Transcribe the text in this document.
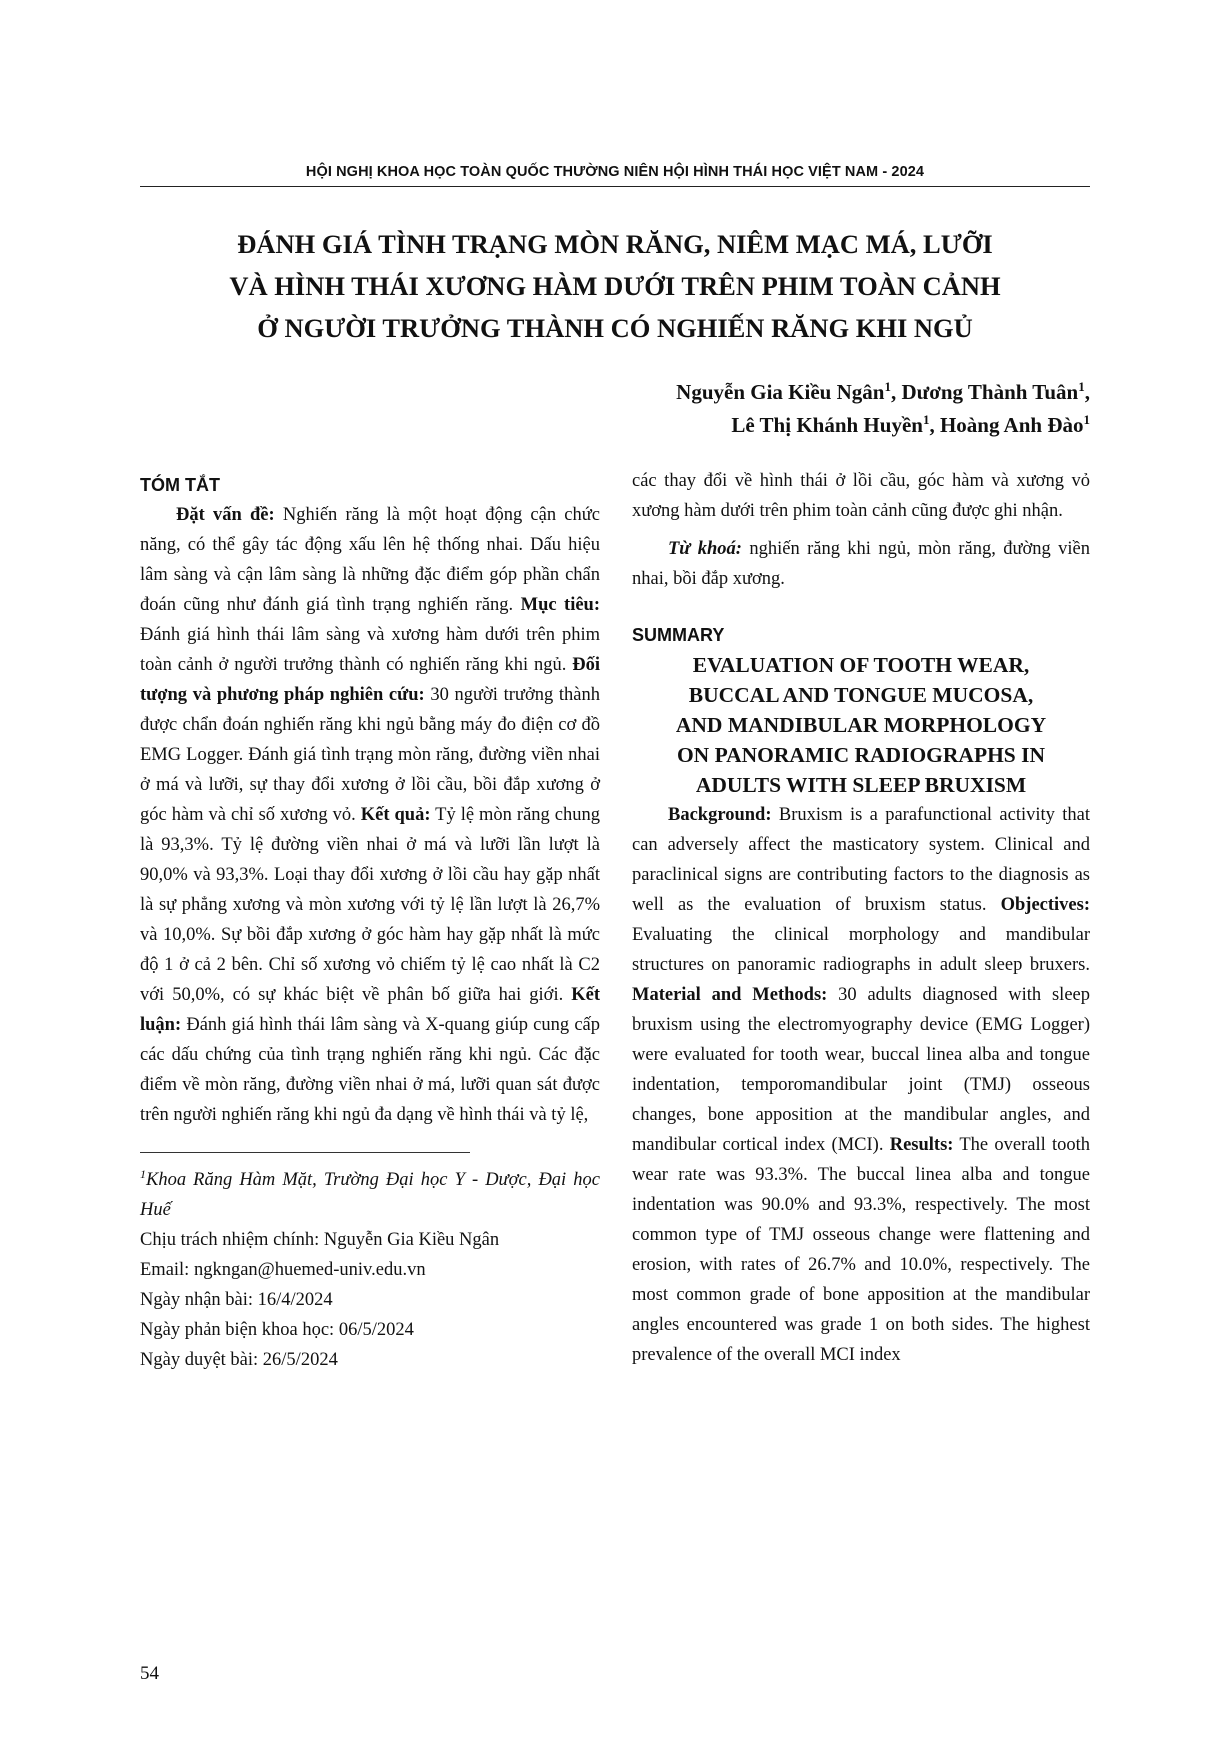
HỘI NGHỊ KHOA HỌC TOÀN QUỐC THƯỜNG NIÊN HỘI HÌNH THÁI HỌC VIỆT NAM - 2024
ĐÁNH GIÁ TÌNH TRẠNG MÒN RĂNG, NIÊM MẠC MÁ, LƯỠI
VÀ HÌNH THÁI XƯƠNG HÀM DƯỚI TRÊN PHIM TOÀN CẢNH
Ở NGƯỜI TRƯỞNG THÀNH CÓ NGHIẾN RĂNG KHI NGỦ
Nguyễn Gia Kiều Ngân$^1$, Dương Thành Tuân$^1$,
Lê Thị Khánh Huyền$^1$, Hoàng Anh Đào$^1$
TÓM TẮT

Đặt vấn đề: Nghiến răng là một hoạt động cận chức năng, có thể gây tác động xấu lên hệ thống nhai. Dấu hiệu lâm sàng và cận lâm sàng là những đặc điểm góp phần chẩn đoán cũng như đánh giá tình trạng nghiến răng. Mục tiêu: Đánh giá hình thái lâm sàng và xương hàm dưới trên phim toàn cảnh ở người trưởng thành có nghiến răng khi ngủ. Đối tượng và phương pháp nghiên cứu: 30 người trưởng thành được chẩn đoán nghiến răng khi ngủ bằng máy đo điện cơ đồ EMG Logger. Đánh giá tình trạng mòn răng, đường viền nhai ở má và lưỡi, sự thay đổi xương ở lồi cầu, bồi đắp xương ở góc hàm và chỉ số xương vỏ. Kết quả: Tỷ lệ mòn răng chung là 93,3%. Tỷ lệ đường viền nhai ở má và lưỡi lần lượt là 90,0% và 93,3%. Loại thay đổi xương ở lồi cầu hay gặp nhất là sự phẳng xương và mòn xương với tỷ lệ lần lượt là 26,7% và 10,0%. Sự bồi đắp xương ở góc hàm hay gặp nhất là mức độ 1 ở cả 2 bên. Chỉ số xương vỏ chiếm tỷ lệ cao nhất là C2 với 50,0%, có sự khác biệt về phân bố giữa hai giới. Kết luận: Đánh giá hình thái lâm sàng và X-quang giúp cung cấp các dấu chứng của tình trạng nghiến răng khi ngủ. Các đặc điểm về mòn răng, đường viền nhai ở má, lưỡi quan sát được trên người nghiến răng khi ngủ đa dạng về hình thái và tỷ lệ,

$^1$Khoa Răng Hàm Mặt, Trường Đại học Y - Dược, Đại học Huế

Chịu trách nhiệm chính: Nguyễn Gia Kiều Ngân

Email: ngkngan@huemed-univ.edu.vn

Ngày nhận bài: 16/4/2024

Ngày phản biện khoa học: 06/5/2024

Ngày duyệt bài: 26/5/2024

các thay đổi về hình thái ở lồi cầu, góc hàm và xương vỏ xương hàm dưới trên phim toàn cảnh cũng được ghi nhận.

Từ khoá: nghiến răng khi ngủ, mòn răng, đường viền nhai, bồi đắp xương.

SUMMARY
EVALUATION OF TOOTH WEAR,
BUCCAL AND TONGUE MUCOSA,
AND MANDIBULAR MORPHOLOGY
ON PANORAMIC RADIOGRAPHS IN
ADULTS WITH SLEEP BRUXISM

Background: Bruxism is a parafunctional activity that can adversely affect the masticatory system. Clinical and paraclinical signs are contributing factors to the diagnosis as well as the evaluation of bruxism status. Objectives: Evaluating the clinical morphology and mandibular structures on panoramic radiographs in adult sleep bruxers. Material and Methods: 30 adults diagnosed with sleep bruxism using the electromyography device (EMG Logger) were evaluated for tooth wear, buccal linea alba and tongue indentation, temporomandibular joint (TMJ) osseous changes, bone apposition at the mandibular angles, and mandibular cortical index (MCI). Results: The overall tooth wear rate was 93.3%. The buccal linea alba and tongue indentation was 90.0% and 93.3%, respectively. The most common type of TMJ osseous change were flattening and erosion, with rates of 26.7% and 10.0%, respectively. The most common grade of bone apposition at the mandibular angles encountered was grade 1 on both sides. The highest prevalence of the overall MCI index

54
